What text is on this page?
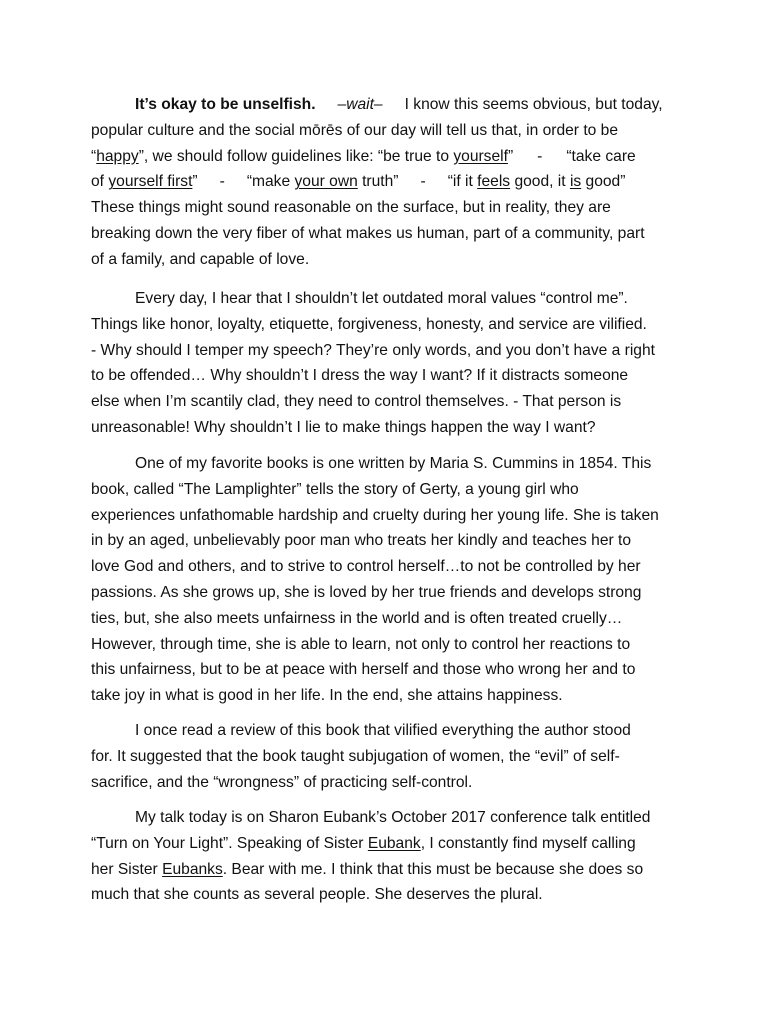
It’s okay to be unselfish. –wait– I know this seems obvious, but today,
popular culture and the social mōrēs of our day will tell us that, in order to be
“happy”, we should follow guidelines like: “be true to yourself” - “take care
of yourself first” - “make your own truth” - “if it feels good, it is good”
These things might sound reasonable on the surface, but in reality, they are
breaking down the very fiber of what makes us human, part of a community, part
of a family, and capable of love.

Every day, I hear that I shouldn’t let outdated moral values “control me”.
Things like honor, loyalty, etiquette, forgiveness, honesty, and service are vilified.
- Why should I temper my speech? They’re only words, and you don’t have a right
to be offended… Why shouldn’t I dress the way I want? If it distracts someone
else when I’m scantily clad, they need to control themselves. - That person is
unreasonable! Why shouldn’t I lie to make things happen the way I want?

One of my favorite books is one written by Maria S. Cummins in 1854. This
book, called “The Lamplighter” tells the story of Gerty, a young girl who
experiences unfathomable hardship and cruelty during her young life. She is taken
in by an aged, unbelievably poor man who treats her kindly and teaches her to
love God and others, and to strive to control herself…to not be controlled by her
passions. As she grows up, she is loved by her true friends and develops strong
ties, but, she also meets unfairness in the world and is often treated cruelly…
However, through time, she is able to learn, not only to control her reactions to
this unfairness, but to be at peace with herself and those who wrong her and to
take joy in what is good in her life. In the end, she attains happiness.

I once read a review of this book that vilified everything the author stood
for. It suggested that the book taught subjugation of women, the “evil” of self-
sacrifice, and the “wrongness” of practicing self-control.

My talk today is on Sharon Eubank’s October 2017 conference talk entitled
“Turn on Your Light”. Speaking of Sister Eubank, I constantly find myself calling
her Sister Eubanks. Bear with me. I think that this must be because she does so
much that she counts as several people. She deserves the plural.
